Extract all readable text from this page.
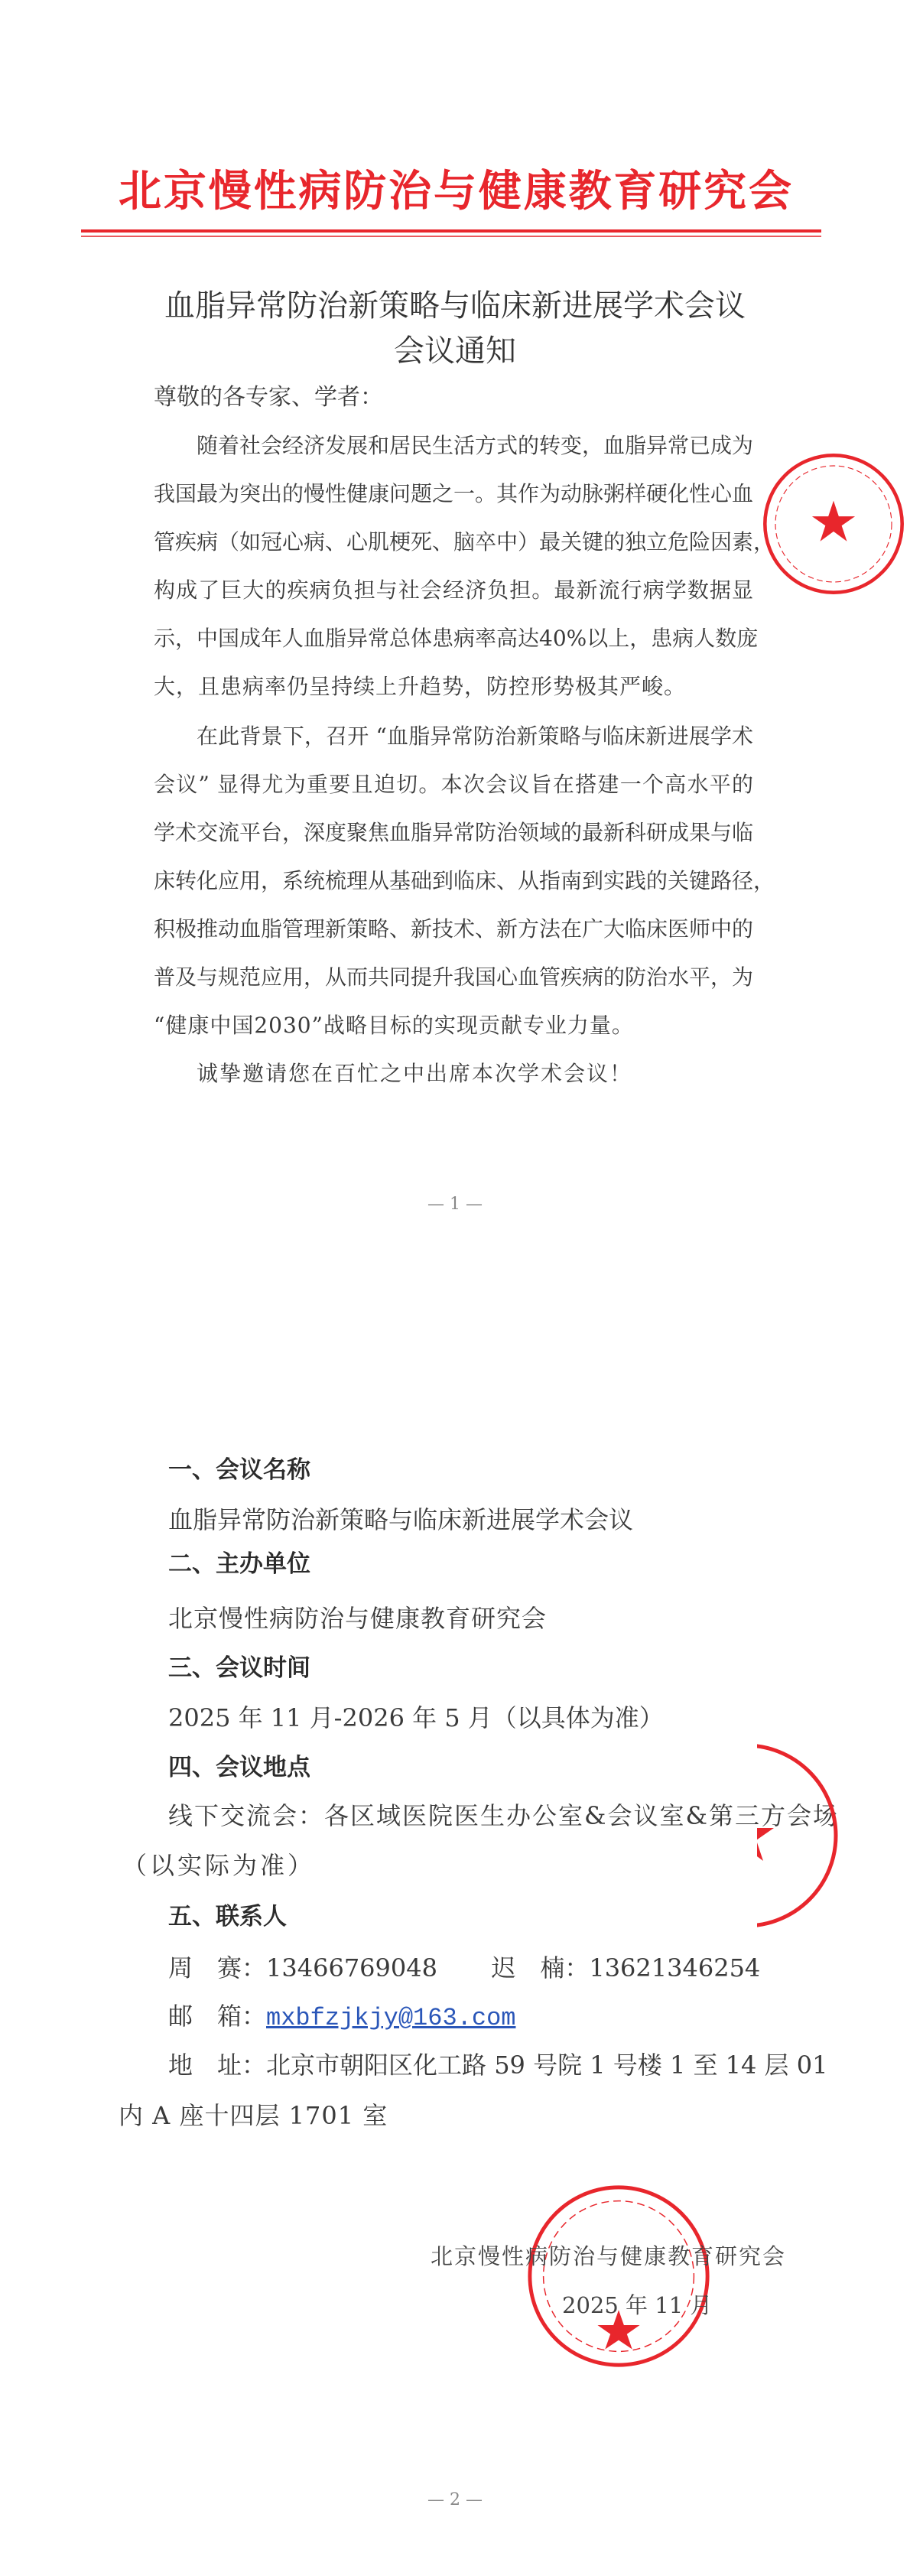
北京慢性病防治与健康教育研究会
血脂异常防治新策略与临床新进展学术会议
会议通知
尊敬的各专家、学者：
随着社会经济发展和居民生活方式的转变，血脂异常已成为
我国最为突出的慢性健康问题之一。其作为动脉粥样硬化性心血
管疾病（如冠心病、心肌梗死、脑卒中）最关键的独立危险因素，
构成了巨大的疾病负担与社会经济负担。最新流行病学数据显
示，中国成年人血脂异常总体患病率高达40%以上，患病人数庞
大，且患病率仍呈持续上升趋势，防控形势极其严峻。
在此背景下，召开 “血脂异常防治新策略与临床新进展学术
会议” 显得尤为重要且迫切。本次会议旨在搭建一个高水平的
学术交流平台，深度聚焦血脂异常防治领域的最新科研成果与临
床转化应用，系统梳理从基础到临床、从指南到实践的关键路径，
积极推动血脂管理新策略、新技术、新方法在广大临床医师中的
普及与规范应用，从而共同提升我国心血管疾病的防治水平，为
“健康中国2030”战略目标的实现贡献专业力量。
诚挚邀请您在百忙之中出席本次学术会议！
— 1 —
一、会议名称
血脂异常防治新策略与临床新进展学术会议
二、主办单位
北京慢性病防治与健康教育研究会
三、会议时间
2025 年 11 月-2026 年 5 月（以具体为准）
四、会议地点
线下交流会：各区域医院医生办公室&会议室&第三方会场
（以实际为准）
五、联系人
周　赛：13466769048 迟　楠：13621346254
邮　箱：mxbfzjkjy@163.com
地　址：北京市朝阳区化工路 59 号院 1 号楼 1 至 14 层 01
内 A 座十四层 1701 室
北京慢性病防治与健康教育研究会
2025 年 11 月
— 2 —
